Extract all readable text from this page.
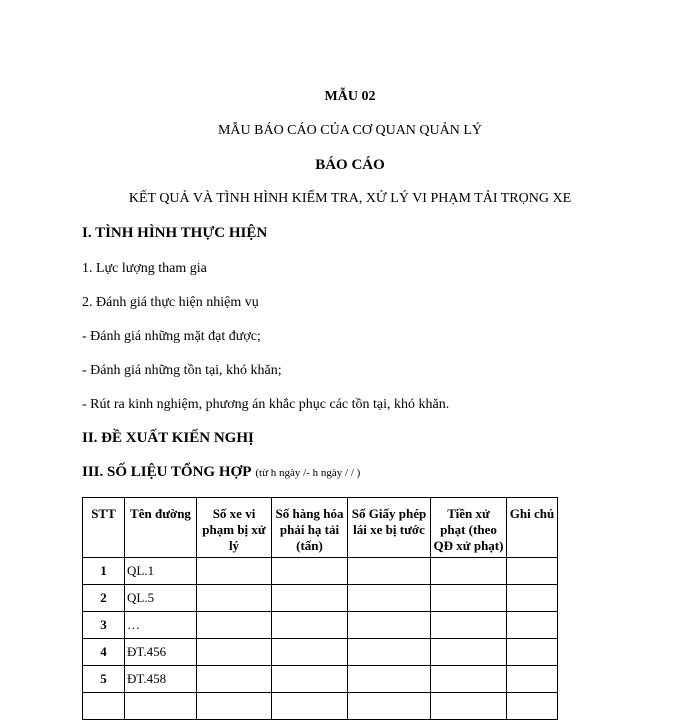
MẪU 02
MẪU BÁO CÁO CỦA CƠ QUAN QUẢN LÝ
BÁO CÁO
KẾT QUẢ VÀ TÌNH HÌNH KIỂM TRA, XỬ LÝ VI PHẠM TẢI TRỌNG XE
I. TÌNH HÌNH THỰC HIỆN
1. Lực lượng tham gia
2. Đánh giá thực hiện nhiệm vụ
- Đánh giá những mặt đạt được;
- Đánh giá những tồn tại, khó khăn;
- Rút ra kinh nghiệm, phương án khắc phục các tồn tại, khó khăn.
II. ĐỀ XUẤT KIẾN NGHỊ
III. SỐ LIỆU TỔNG HỢP (từ h ngày /- h ngày / / )
STT	Tên đường	Số xe vi phạm bị xử lý	Số hàng hóa phải hạ tải (tấn)	Số Giấy phép lái xe bị tước	Tiền xử phạt (theo QĐ xử phạt)	Ghi chú
1	QL.1					
2	QL.5					
3	…					
4	ĐT.456					
5	ĐT.458					
